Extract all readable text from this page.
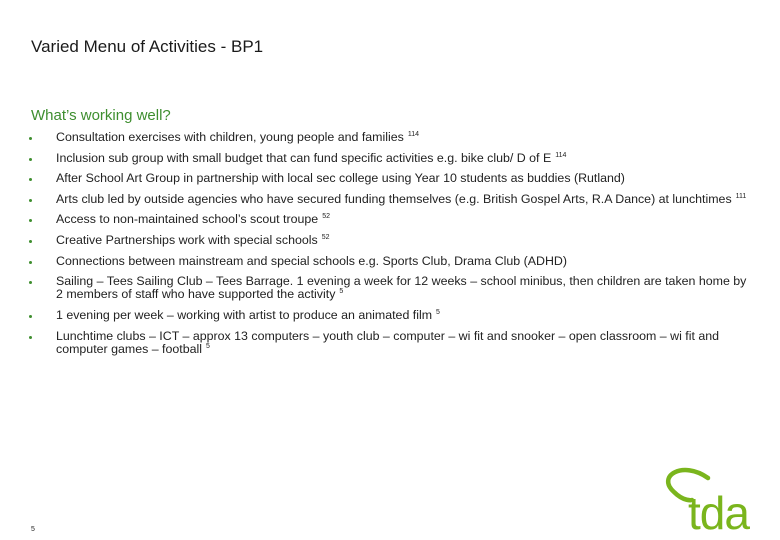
Varied Menu of Activities - BP1
What’s working well?
Consultation exercises with children, young people and families $^{114}$
Inclusion sub group with small budget that can fund specific activities e.g. bike club/ D of E $^{114}$
After School Art Group in partnership with local sec college using Year 10 students as buddies (Rutland)
Arts club led by outside agencies who have secured funding themselves (e.g. British Gospel Arts, R.A Dance) at lunchtimes $^{111}$
Access to non-maintained school’s scout troupe $^{52}$
Creative Partnerships work with special schools $^{52}$
Connections between mainstream and special schools e.g. Sports Club, Drama Club (ADHD)
Sailing – Tees Sailing Club – Tees Barrage. 1 evening a week for 12 weeks – school minibus, then children are taken home by 2 members of staff who have supported the activity $^5$
1 evening per week – working with artist to produce an animated film $^5$
Lunchtime clubs – ICT – approx 13 computers – youth club – computer – wi fit and snooker – open classroom – wi fit and computer games – football $^5$
5	tda
